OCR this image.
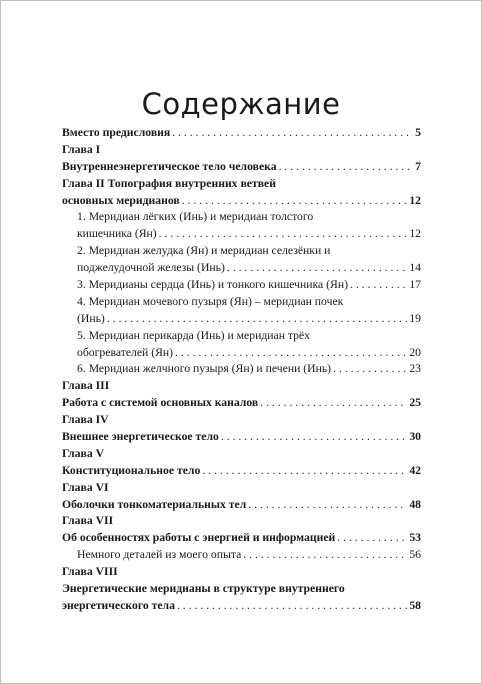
Содержание
Вместо предисловия . . .	5
Глава I
Внутреннеэнергетическое тело человека . . .	7
Глава II Топография внутренних ветвей
основных меридианов . . .	12
1. Меридиан лёгких (Инь) и меридиан толстого
кишечника (Ян) . . .	12
2. Меридиан желудка (Ян) и меридиан селезёнки и
поджелудочной железы (Инь) . . .	14
3. Меридианы сердца (Инь) и тонкого кишечника (Ян) . . .	17
4. Меридиан мочевого пузыря (Ян) – меридиан почек
(Инь) . . .	19
5. Меридиан перикарда (Инь) и меридиан трёх
обогревателей (Ян) . . .	20
6. Меридиан желчного пузыря (Ян) и печени (Инь) . . .	23
Глава III
Работа с системой основных каналов . . .	25
Глава IV
Внешнее энергетическое тело . . .	30
Глава V
Конституциональное тело . . .	42
Глава VI
Оболочки тонкоматериальных тел . . .	48
Глава VII
Об особенностях работы с энергией и информацией . . .	53
Немного деталей из моего опыта . . .	56
Глава VIII
Энергетические меридианы в структуре внутреннего
энергетического тела . . .	58
